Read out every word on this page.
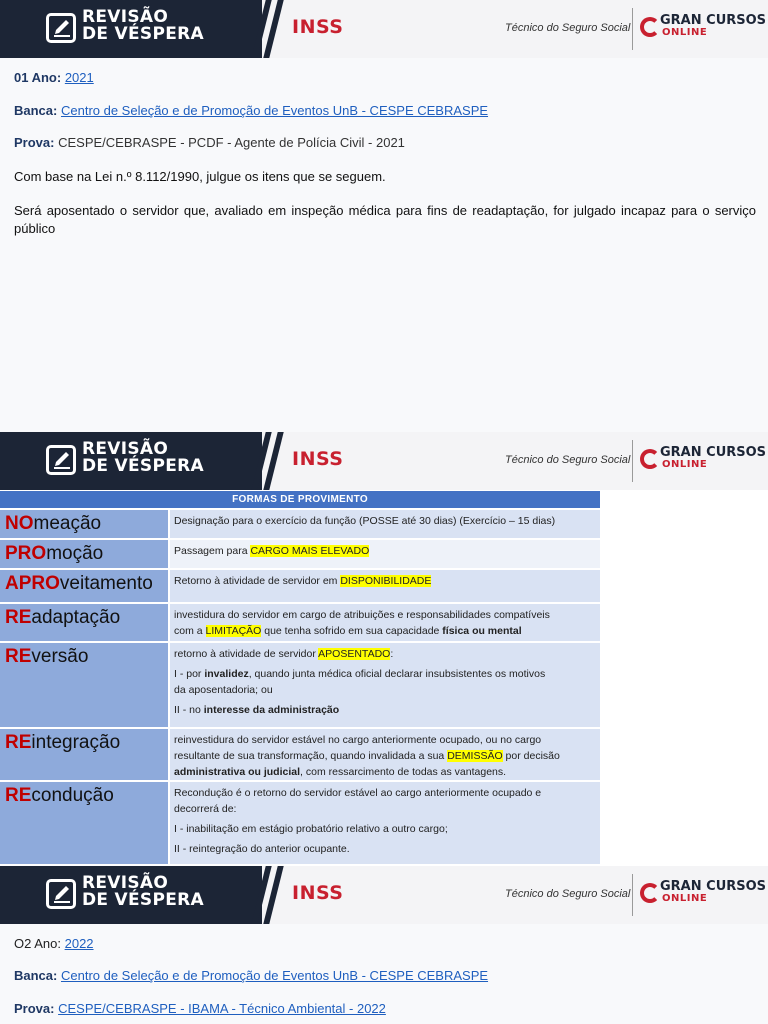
REVISÃO
DE VÉSPERA	INSS	Técnico do Seguro Social GRAN CURSOS
ONLINE
01 Ano: 2021
Banca: Centro de Seleção e de Promoção de Eventos UnB - CESPE CEBRASPE
Prova: CESPE/CEBRASPE - PCDF - Agente de Polícia Civil - 2021
Com base na Lei n.º 8.112/1990, julgue os itens que se seguem.
Será aposentado o servidor que, avaliado em inspeção médica para fins de readaptação, for julgado incapaz para o serviço público
REVISÃO
DE VÉSPERA	INSS	Técnico do Seguro Social GRAN CURSOS
ONLINE
FORMAS DE PROVIMENTO
NOmeação	Designação para o exercício da função (POSSE até 30 dias) (Exercício – 15 dias)
PROmoção	Passagem para CARGO MAIS ELEVADO
APROveitamento	Retorno à atividade de servidor em DISPONIBILIDADE
REadaptação	investidura do servidor em cargo de atribuições e responsabilidades compatíveis
com a LIMITAÇÃO que tenha sofrido em sua capacidade física ou mental
REversão	retorno à atividade de servidor APOSENTADO:
I - por invalidez, quando junta médica oficial declarar insubsistentes os motivos
da aposentadoria; ou
II - no interesse da administração
REintegração	reinvestidura do servidor estável no cargo anteriormente ocupado, ou no cargo
resultante de sua transformação, quando invalidada a sua DEMISSÃO por decisão
administrativa ou judicial, com ressarcimento de todas as vantagens.
REcondução	Recondução é o retorno do servidor estável ao cargo anteriormente ocupado e
decorrerá de:
I - inabilitação em estágio probatório relativo a outro cargo;
II - reintegração do anterior ocupante.
REVISÃO
DE VÉSPERA	INSS	Técnico do Seguro Social GRAN CURSOS
ONLINE
O2 Ano: 2022
Banca: Centro de Seleção e de Promoção de Eventos UnB - CESPE CEBRASPE
Prova: CESPE/CEBRASPE - IBAMA - Técnico Ambiental - 2022
